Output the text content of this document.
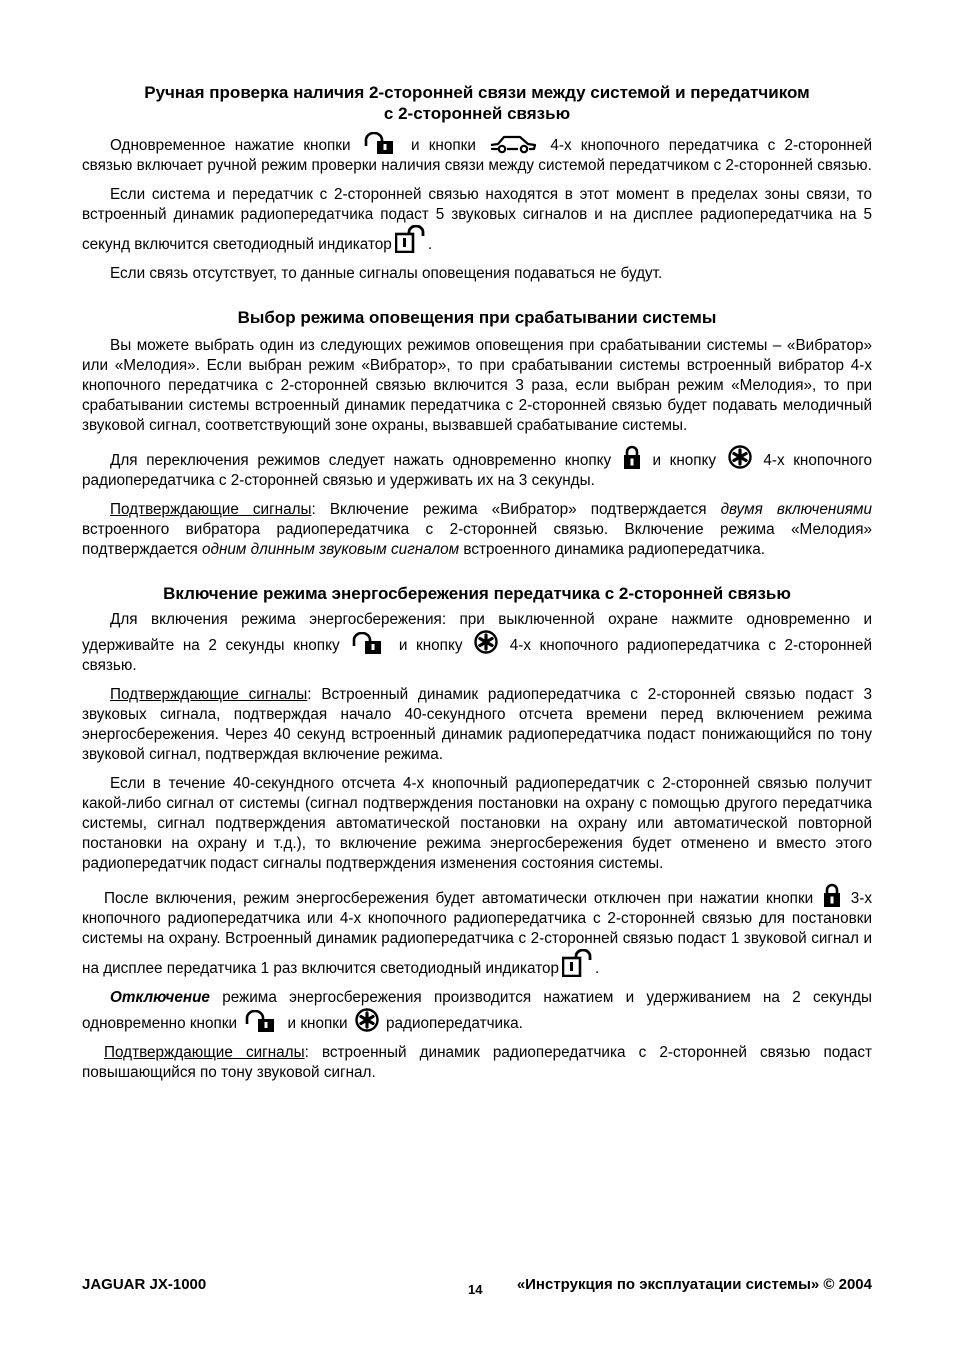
Ручная проверка наличия 2-сторонней связи между системой и передатчиком
с 2-сторонней связью

Одновременное нажатие кнопки	и кнопки	4-х кнопочного передатчика с 2-сторонней связью включает ручной режим проверки наличия связи между системой передатчиком с 2-сторонней связью.

Если система и передатчик с 2-сторонней связью находятся в этот момент в пределах зоны связи, то встроенный динамик радиопередатчика подаст 5 звуковых сигналов и на дисплее радиопередатчика на 5 секунд включится светодиодный индикатор .

Если связь отсутствует, то данные сигналы оповещения подаваться не будут.

Выбор режима оповещения при срабатывании системы

Вы можете выбрать один из следующих режимов оповещения при срабатывании системы – «Вибратор» или «Мелодия». Если выбран режим «Вибратор», то при срабатывании системы встроенный вибратор 4-х кнопочного передатчика с 2-сторонней связью включится 3 раза, если выбран режим «Мелодия», то при срабатывании системы встроенный динамик передатчика с 2-сторонней связью будет подавать мелодичный звуковой сигнал, соответствующий зоне охраны, вызвавшей срабатывание системы.

Для переключения режимов следует нажать одновременно кнопку	и кнопку	4-х кнопочного радиопередатчика с 2-сторонней связью и удерживать их на 3 секунды.

Подтверждающие сигналы: Включение режима «Вибратор» подтверждается двумя включениями встроенного вибратора радиопередатчика с 2-сторонней связью. Включение режима «Мелодия» подтверждается одним длинным звуковым сигналом встроенного динамика радиопередатчика.

Включение режима энергосбережения передатчика с 2-сторонней связью

Для включения режима энергосбережения: при выключенной охране нажмите одновременно и удерживайте на 2 секунды кнопку	и кнопку	4-х кнопочного радиопередатчика с 2-сторонней связью.

Подтверждающие сигналы: Встроенный динамик радиопередатчика с 2-сторонней связью подаст 3 звуковых сигнала, подтверждая начало 40-секундного отсчета времени перед включением режима энергосбережения. Через 40 секунд встроенный динамик радиопередатчика подаст понижающийся по тону звуковой сигнал, подтверждая включение режима.

Если в течение 40-секундного отсчета 4-х кнопочный радиопередатчик с 2-сторонней связью получит какой-либо сигнал от системы (сигнал подтверждения постановки на охрану с помощью другого передатчика системы, сигнал подтверждения автоматической постановки на охрану или автоматической повторной постановки на охрану и т.д.), то включение режима энергосбережения будет отменено и вместо этого радиопередатчик подаст сигналы подтверждения изменения состояния системы.

После включения, режим энергосбережения будет автоматически отключен при нажатии кнопки 3-х кнопочного радиопередатчика или 4-х кнопочного радиопередатчика с 2-сторонней связью для постановки системы на охрану. Встроенный динамик радиопередатчика с 2-сторонней связью подаст 1 звуковой сигнал и на дисплее передатчика 1 раз включится светодиодный индикатор .

Отключение режима энергосбережения производится нажатием и удерживанием на 2 секунды одновременно кнопки	и кнопки	радиопередатчика.

Подтверждающие сигналы: встроенный динамик радиопередатчика с 2-сторонней связью подаст повышающийся по тону звуковой сигнал.

JAGUAR JX-1000	14 «Инструкция по эксплуатации системы» © 2004
